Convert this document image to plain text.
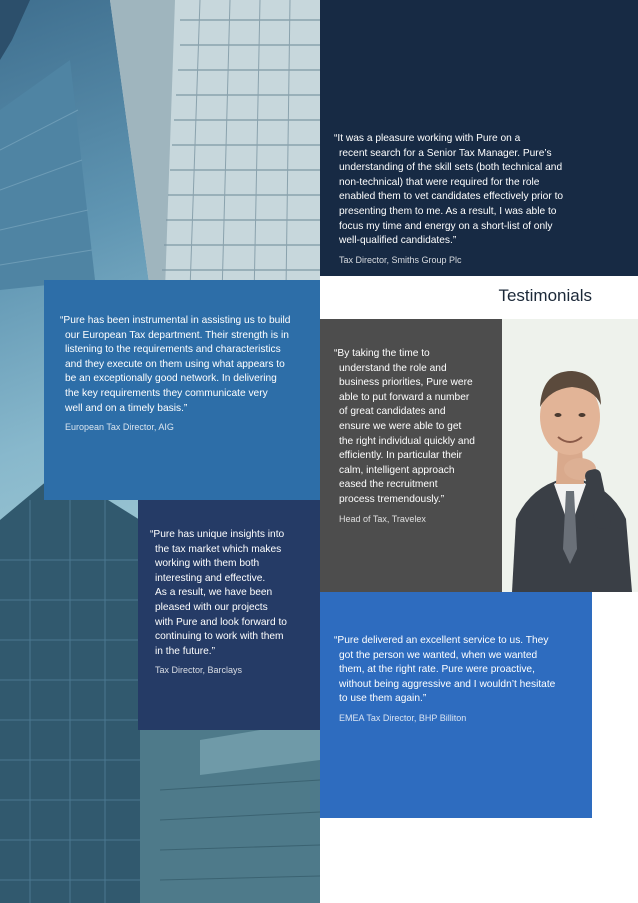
“It was a pleasure working with Pure on a
recent search for a Senior Tax Manager. Pure’s
understanding of the skill sets (both technical and
non-technical) that were required for the role
enabled them to vet candidates effectively prior to
presenting them to me. As a result, I was able to
focus my time and energy on a short-list of only
well-qualified candidates.”

Tax Director, Smiths Group Plc
Testimonials

“Pure has been instrumental in assisting us to build
our European Tax department. Their strength is in
listening to the requirements and characteristics
and they execute on them using what appears to
be an exceptionally good network. In delivering
the key requirements they communicate very
well and on a timely basis.”

European Tax Director, AIG

“By taking the time to
understand the role and
business priorities, Pure were
able to put forward a number
of great candidates and
ensure we were able to get
the right individual quickly and
efficiently. In particular their
calm, intelligent approach
eased the recruitment
process tremendously.”

Head of Tax, Travelex

“Pure has unique insights into
the tax market which makes
working with them both
interesting and effective.
As a result, we have been
pleased with our projects
with Pure and look forward to
continuing to work with them
in the future.”

Tax Director, Barclays

“Pure delivered an excellent service to us. They
got the person we wanted, when we wanted
them, at the right rate. Pure were proactive,
without being aggressive and I wouldn’t hesitate
to use them again.”

EMEA Tax Director, BHP Billiton
